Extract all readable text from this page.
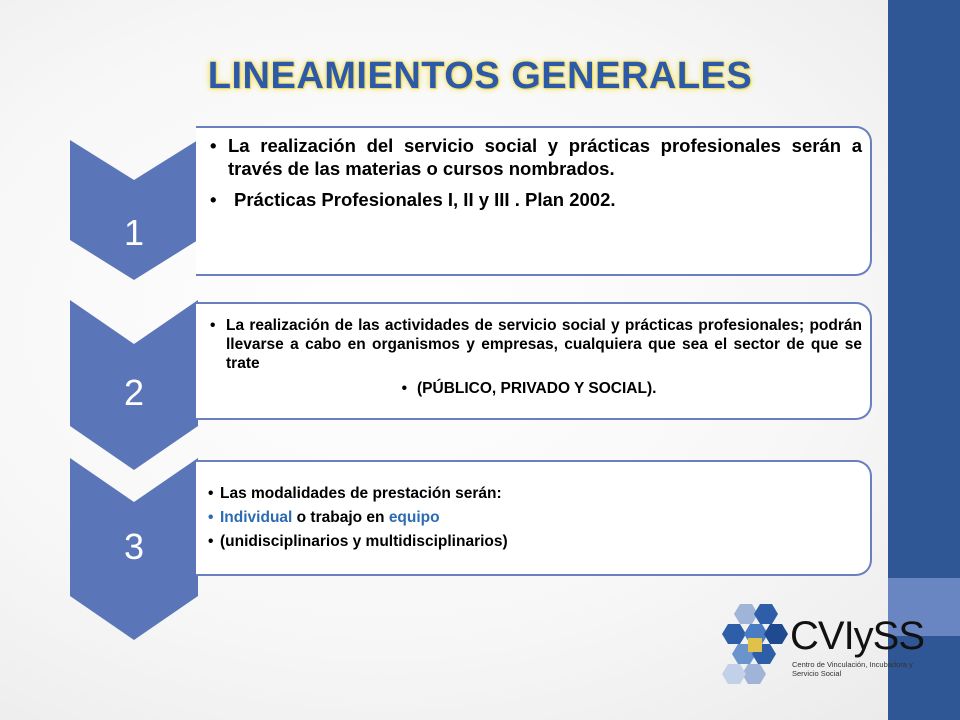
LINEAMIENTOS GENERALES
1
• La realización del servicio social y prácticas profesionales serán a través de las materias o cursos nombrados.
• Prácticas Profesionales I, II y III . Plan 2002.
2
• La realización de las actividades de servicio social y prácticas profesionales; podrán llevarse a cabo en organismos y empresas, cualquiera que sea el sector de que se trate
• (PÚBLICO, PRIVADO Y SOCIAL).
3
• Las modalidades de prestación serán:
• Individual o trabajo en equipo
• (unidisciplinarios y multidisciplinarios)
CVIySS
Centro de Vinculación, Incubadora y
Servicio Social
